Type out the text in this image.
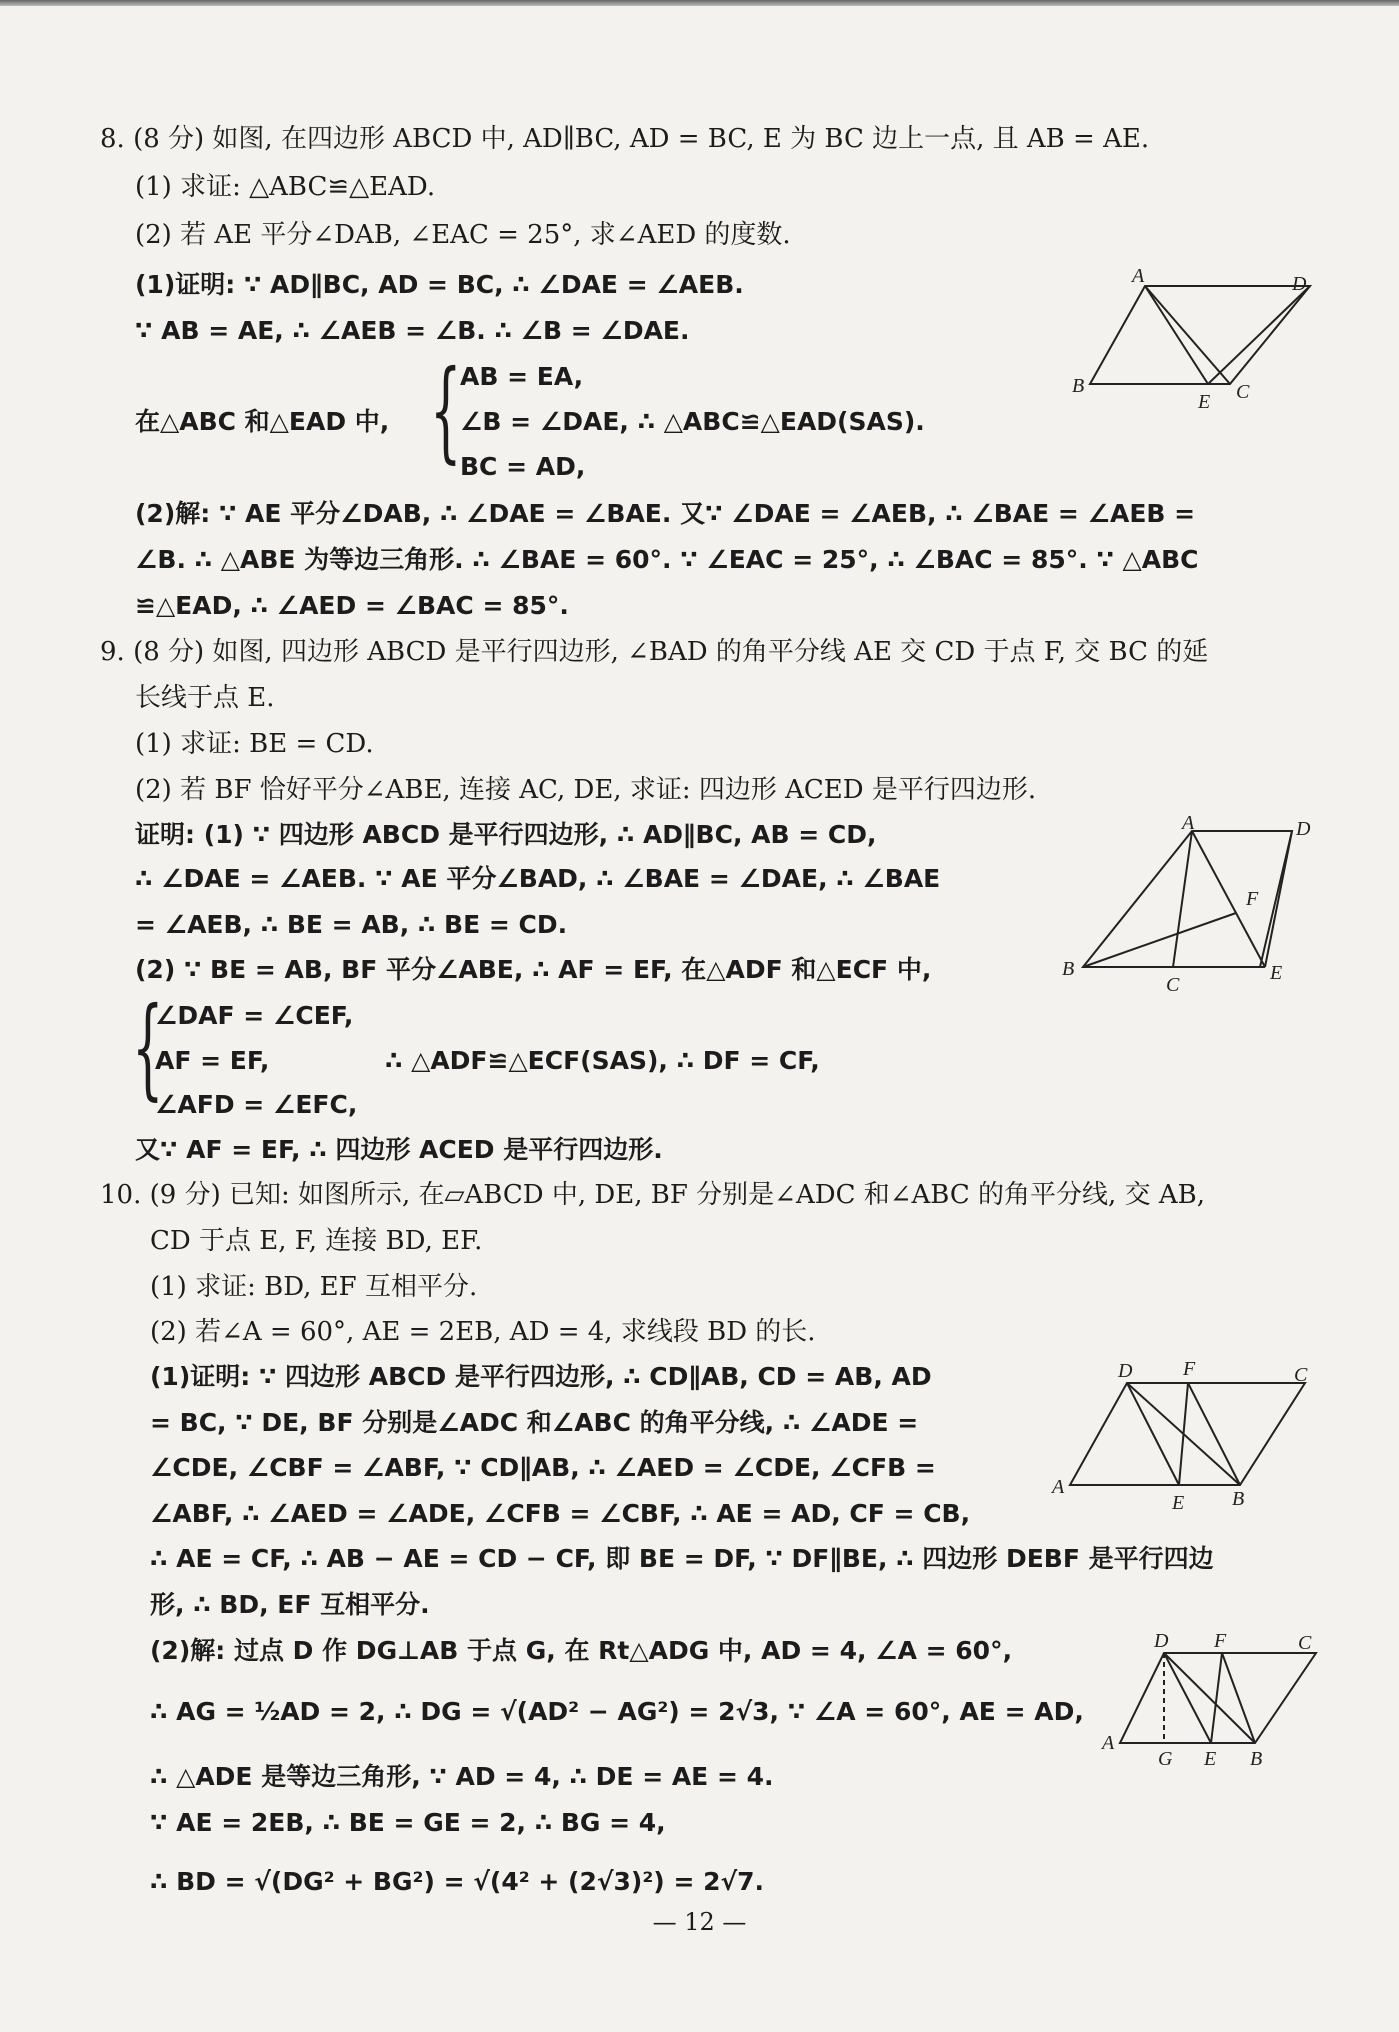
8. (8 分) 如图, 在四边形 ABCD 中, AD∥BC, AD = BC, E 为 BC 边上一点, 且 AB = AE.
(1) 求证: △ABC≌△EAD.
(2) 若 AE 平分∠DAB, ∠EAC = 25°, 求∠AED 的度数.
(1)证明: ∵ AD∥BC, AD = BC, ∴ ∠DAE = ∠AEB.
∵ AB = AE, ∴ ∠AEB = ∠B. ∴ ∠B = ∠DAE.
在△ABC 和△EAD 中, {
AB = EA,
∠B = ∠DAE, ∴ △ABC≌△EAD(SAS).
BC = AD,
(2)解: ∵ AE 平分∠DAB, ∴ ∠DAE = ∠BAE. 又∵ ∠DAE = ∠AEB, ∴ ∠BAE = ∠AEB =
∠B. ∴ △ABE 为等边三角形. ∴ ∠BAE = 60°. ∵ ∠EAC = 25°, ∴ ∠BAC = 85°. ∵ △ABC
≌△EAD, ∴ ∠AED = ∠BAC = 85°.
A	D
B
E C
9. (8 分) 如图, 四边形 ABCD 是平行四边形, ∠BAD 的角平分线 AE 交 CD 于点 F, 交 BC 的延
长线于点 E.
(1) 求证: BE = CD.
(2) 若 BF 恰好平分∠ABE, 连接 AC, DE, 求证: 四边形 ACED 是平行四边形.
证明: (1) ∵ 四边形 ABCD 是平行四边形, ∴ AD∥BC, AB = CD,
∴ ∠DAE = ∠AEB. ∵ AE 平分∠BAD, ∴ ∠BAE = ∠DAE, ∴ ∠BAE
= ∠AEB, ∴ BE = AB, ∴ BE = CD.
(2) ∵ BE = AB, BF 平分∠ABE, ∴ AF = EF, 在△ADF 和△ECF 中,
{
∠DAF = ∠CEF,
AF = EF,	∴ △ADF≌△ECF(SAS), ∴ DF = CF,
∠AFD = ∠EFC,
又∵ AF = EF, ∴ 四边形 ACED 是平行四边形.
A	D
F
B
C
E
10. (9 分) 已知: 如图所示, 在▱ABCD 中, DE, BF 分别是∠ADC 和∠ABC 的角平分线, 交 AB,
CD 于点 E, F, 连接 BD, EF.
(1) 求证: BD, EF 互相平分.
(2) 若∠A = 60°, AE = 2EB, AD = 4, 求线段 BD 的长.
(1)证明: ∵ 四边形 ABCD 是平行四边形, ∴ CD∥AB, CD = AB, AD
= BC, ∵ DE, BF 分别是∠ADC 和∠ABC 的角平分线, ∴ ∠ADE =
∠CDE, ∠CBF = ∠ABF, ∵ CD∥AB, ∴ ∠AED = ∠CDE, ∠CFB =
∠ABF, ∴ ∠AED = ∠ADE, ∠CFB = ∠CBF, ∴ AE = AD, CF = CB,
∴ AE = CF, ∴ AB − AE = CD − CF, 即 BE = DF, ∵ DF∥BE, ∴ 四边形 DEBF 是平行四边
形, ∴ BD, EF 互相平分.
(2)解: 过点 D 作 DG⊥AB 于点 G, 在 Rt△ADG 中, AD = 4, ∠A = 60°,
∴ AG = ½AD = 2, ∴ DG = √(AD² − AG²) = 2√3, ∵ ∠A = 60°, AE = AD,
∴ △ADE 是等边三角形, ∵ AD = 4, ∴ DE = AE = 4.
∵ AE = 2EB, ∴ BE = GE = 2, ∴ BG = 4,
∴ BD = √(DG² + BG²) = √(4² + (2√3)²) = 2√7.
D	F	C
A
E B
D F	C
A
G E B
— 12 —
